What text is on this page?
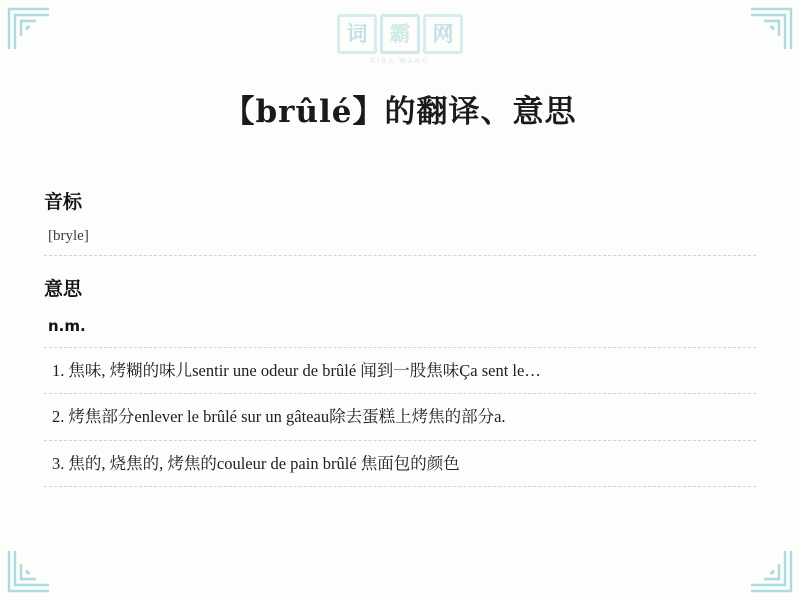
词	霸	网
CIBA WANG
【brûlé】的翻译、意思
音标
[bryle]
意思
n.m.
1. 焦味, 烤糊的味儿sentir une odeur de brûlé 闻到一股焦味Ça sent le…
2. 烤焦部分enlever le brûlé sur un gâteau除去蛋糕上烤焦的部分a.
3. 焦的, 烧焦的, 烤焦的couleur de pain brûlé 焦面包的颜色
